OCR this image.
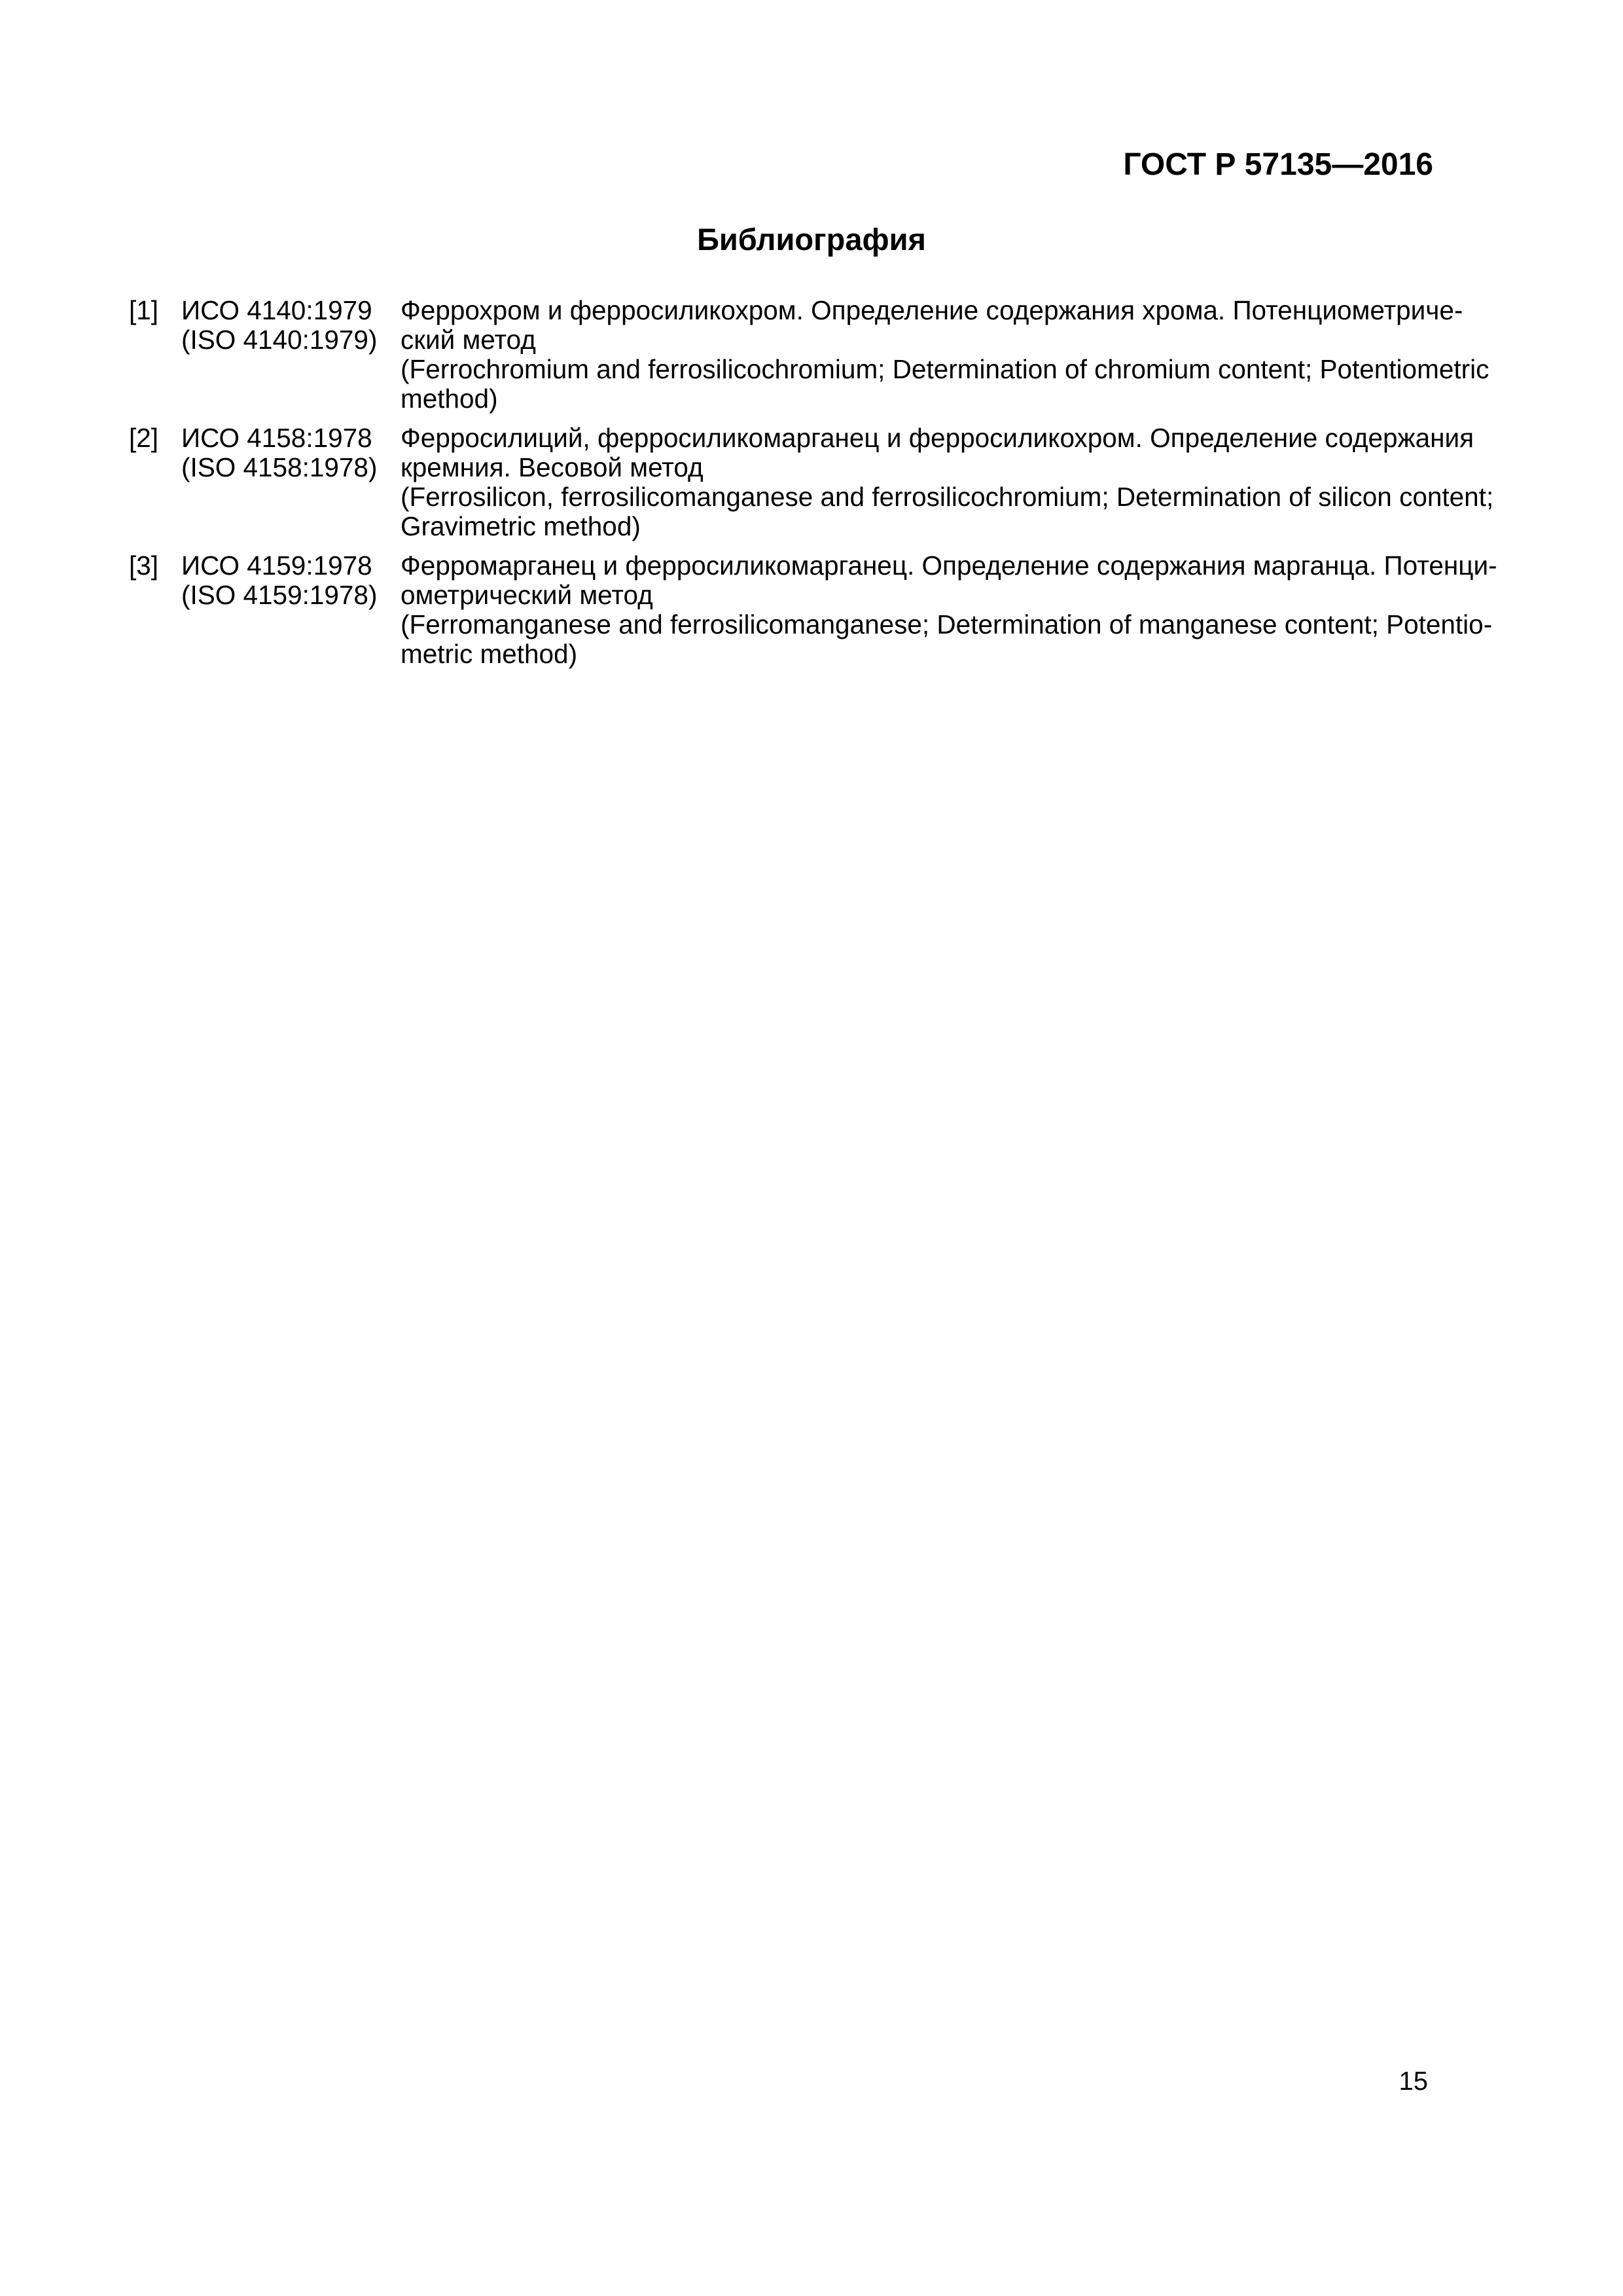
ГОСТ Р 57135—2016
Библиография
[1] ИСО 4140:1979
(ISO 4140:1979)
Феррохром и ферросиликохром. Определение содержания хрома. Потенциометриче-
ский метод
(Ferrochromium and ferrosilicochromium; Determination of chromium content; Potentiometric
method)
[2] ИСО 4158:1978
(ISO 4158:1978)
Ферросилиций, ферросиликомарганец и ферросиликохром. Определение содержания
кремния. Весовой метод
(Ferrosilicon, ferrosilicomanganese and ferrosilicochromium; Determination of silicon content;
Gravimetric method)
[3] ИСО 4159:1978
(ISO 4159:1978)
Ферромарганец и ферросиликомарганец. Определение содержания марганца. Потенци-
ометрический метод
(Ferromanganese and ferrosilicomanganese; Determination of manganese content; Potentio-
metric method)
15
